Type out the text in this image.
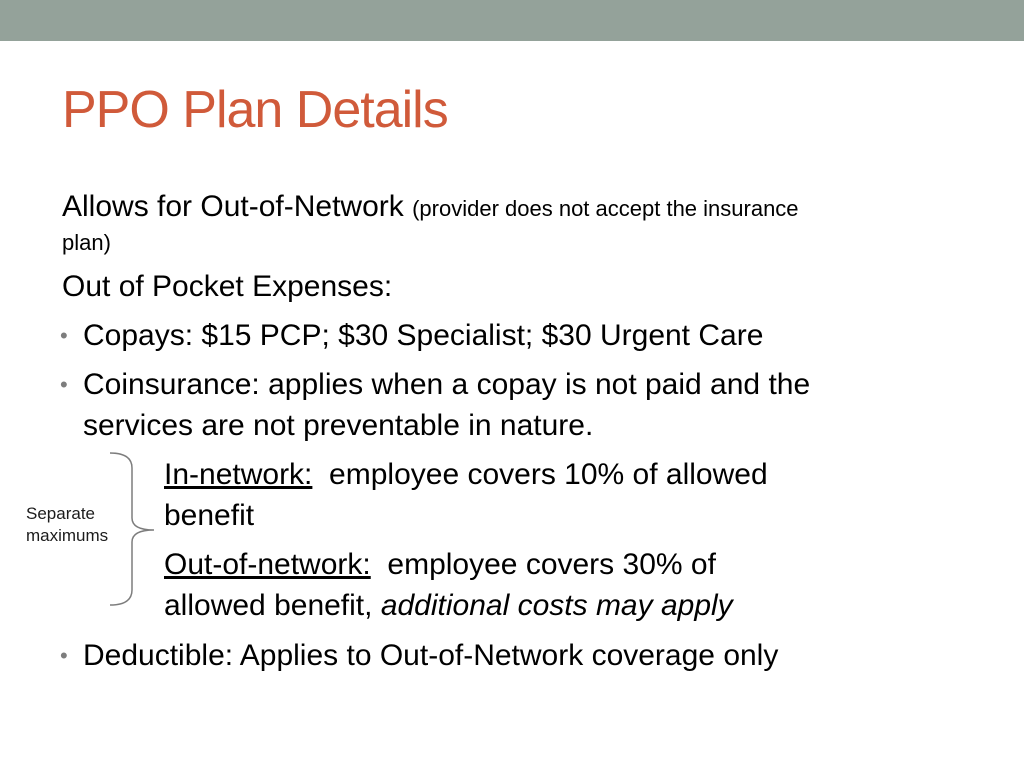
PPO Plan Details
Allows for Out-of-Network (provider does not accept the insurance
plan)
Out of Pocket Expenses:
• Copays: $15 PCP; $30 Specialist; $30 Urgent Care
• Coinsurance: applies when a copay is not paid and the
services are not preventable in nature.
In-network:  employee covers 10% of allowed
benefit
Out-of-network:  employee covers 30% of
allowed benefit, additional costs may apply
• Deductible: Applies to Out-of-Network coverage only
Separate
maximums
